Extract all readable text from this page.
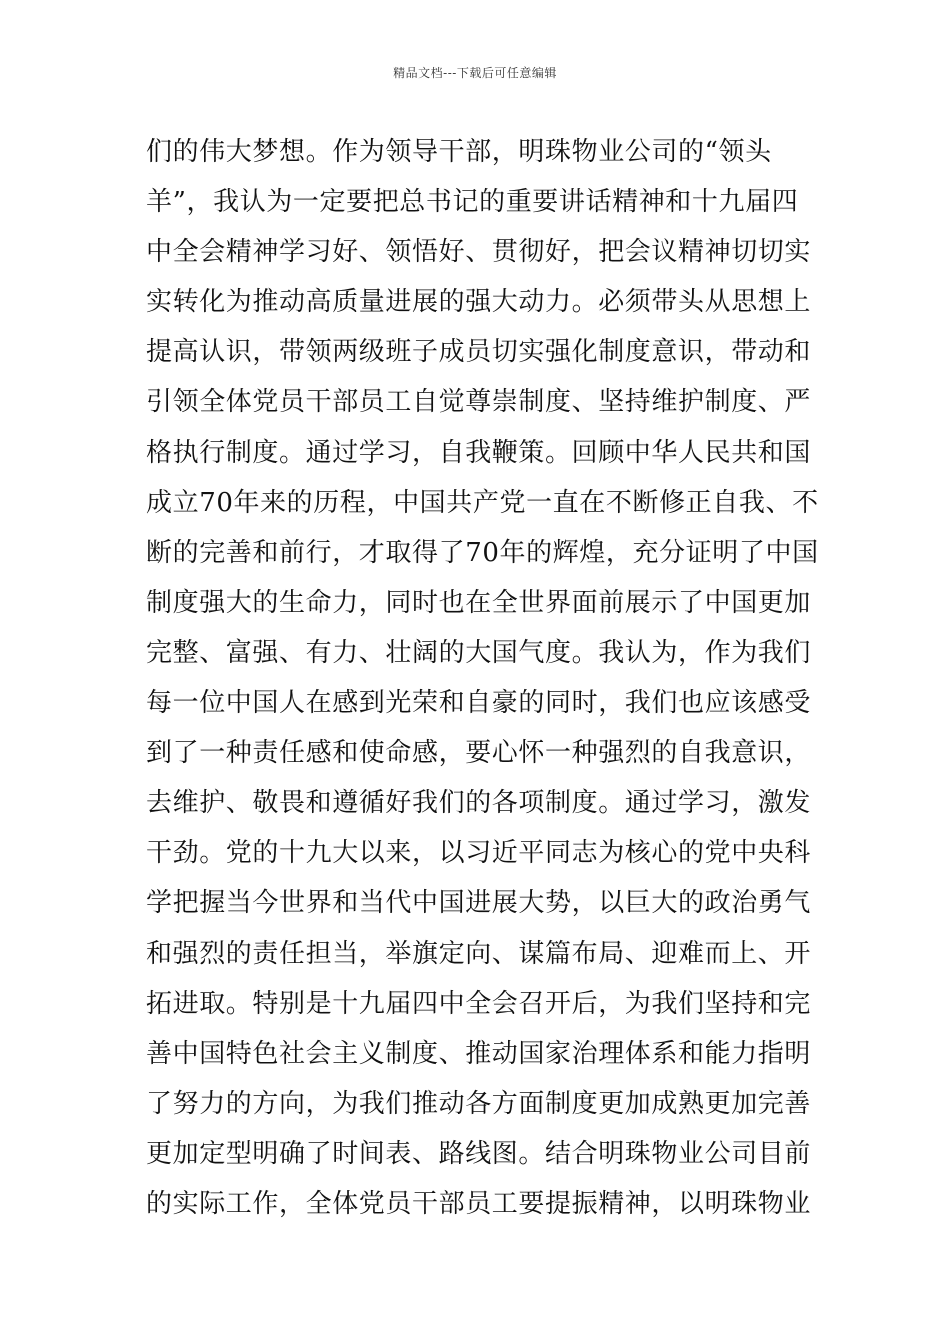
精品文档---下载后可任意编辑
们的伟大梦想。作为领导干部，明珠物业公司的“领头
羊”，我认为一定要把总书记的重要讲话精神和十九届四
中全会精神学习好、领悟好、贯彻好，把会议精神切切实
实转化为推动高质量进展的强大动力。必须带头从思想上
提高认识，带领两级班子成员切实强化制度意识，带动和
引领全体党员干部员工自觉尊崇制度、坚持维护制度、严
格执行制度。通过学习，自我鞭策。回顾中华人民共和国
成立70年来的历程，中国共产党一直在不断修正自我、不
断的完善和前行，才取得了70年的辉煌，充分证明了中国
制度强大的生命力，同时也在全世界面前展示了中国更加
完整、富强、有力、壮阔的大国气度。我认为，作为我们
每一位中国人在感到光荣和自豪的同时，我们也应该感受
到了一种责任感和使命感，要心怀一种强烈的自我意识，
去维护、敬畏和遵循好我们的各项制度。通过学习，激发
干劲。党的十九大以来，以习近平同志为核心的党中央科
学把握当今世界和当代中国进展大势，以巨大的政治勇气
和强烈的责任担当，举旗定向、谋篇布局、迎难而上、开
拓进取。特别是十九届四中全会召开后，为我们坚持和完
善中国特色社会主义制度、推动国家治理体系和能力指明
了努力的方向，为我们推动各方面制度更加成熟更加完善
更加定型明确了时间表、路线图。结合明珠物业公司目前
的实际工作，全体党员干部员工要提振精神，以明珠物业
